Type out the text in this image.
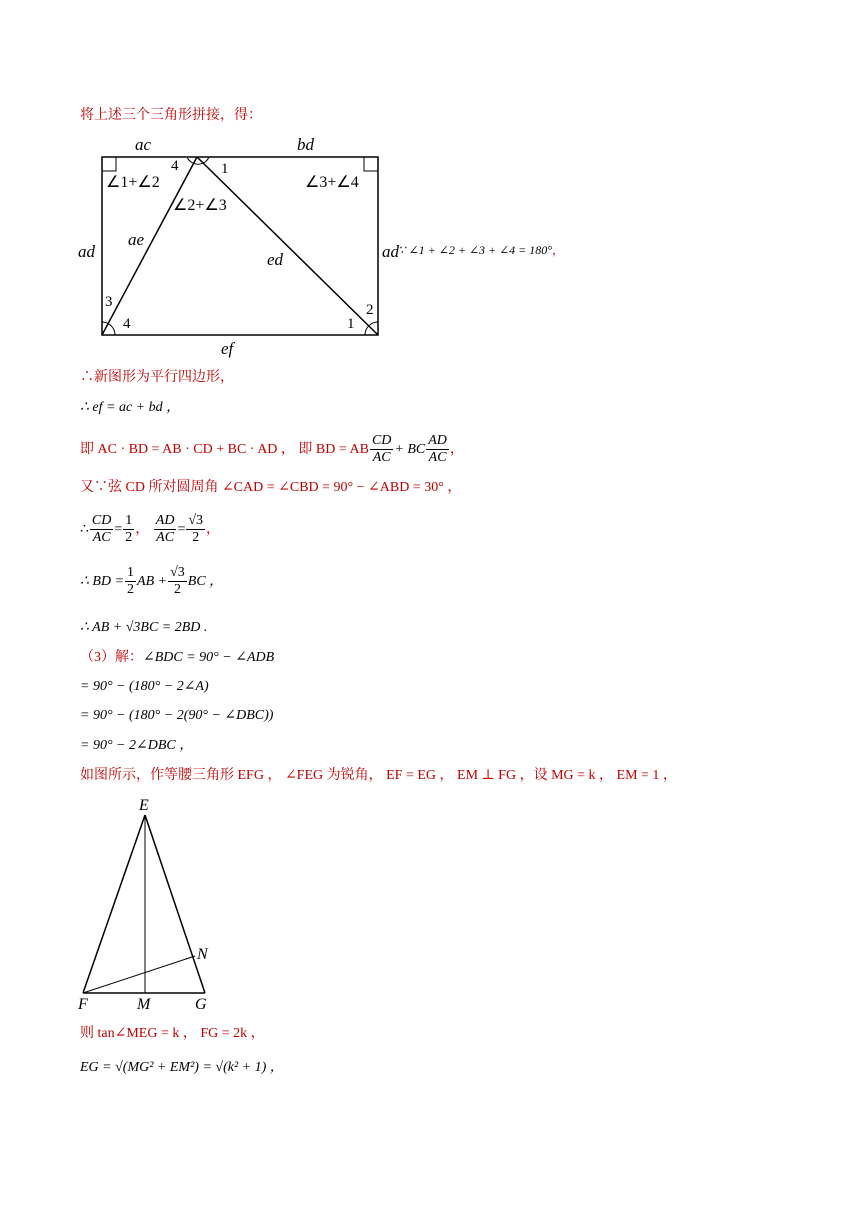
将上述三个三角形拼接，得：
ac	bd
ad	ad
ae
ed
ef
4	1
3
4	1
2
∠1+∠2
∠2+∠3
∠3+∠4
∵ ∠1 + ∠2 + ∠3 + ∠4 = 180°，
∴新图形为平行四边形，
∴ ef = ac + bd ，
即 AC · BD = AB · CD + BC · AD ， 即 BD = AB $\frac{CD}{AC}$ + BC $\frac{AD}{AC}$ ，
又∵弦 CD 所对圆周角 ∠CAD = ∠CBD = 90° − ∠ABD = 30° ，
∴ $\frac{CD}{AC} = \frac{1}{2}$ ， $\frac{AD}{AC} = \frac{√3}{2}$ ，
∴ BD = $\frac{1}{2}$ AB + $\frac{√3}{2}$ BC ，
∴ AB + √3BC = 2BD .
（3）解：∠BDC = 90° − ∠ADB
= 90° − (180° − 2∠A)
= 90° − (180° − 2(90° − ∠DBC))
= 90° − 2∠DBC ，
如图所示，作等腰三角形 EFG ， ∠FEG 为锐角， EF = EG ， EM ⊥ FG ，设 MG = k ， EM = 1 ，
E
F	M	G
N
则 tan∠MEG = k ， FG = 2k ，
EG = √(MG² + EM²) = √(k² + 1) ，
